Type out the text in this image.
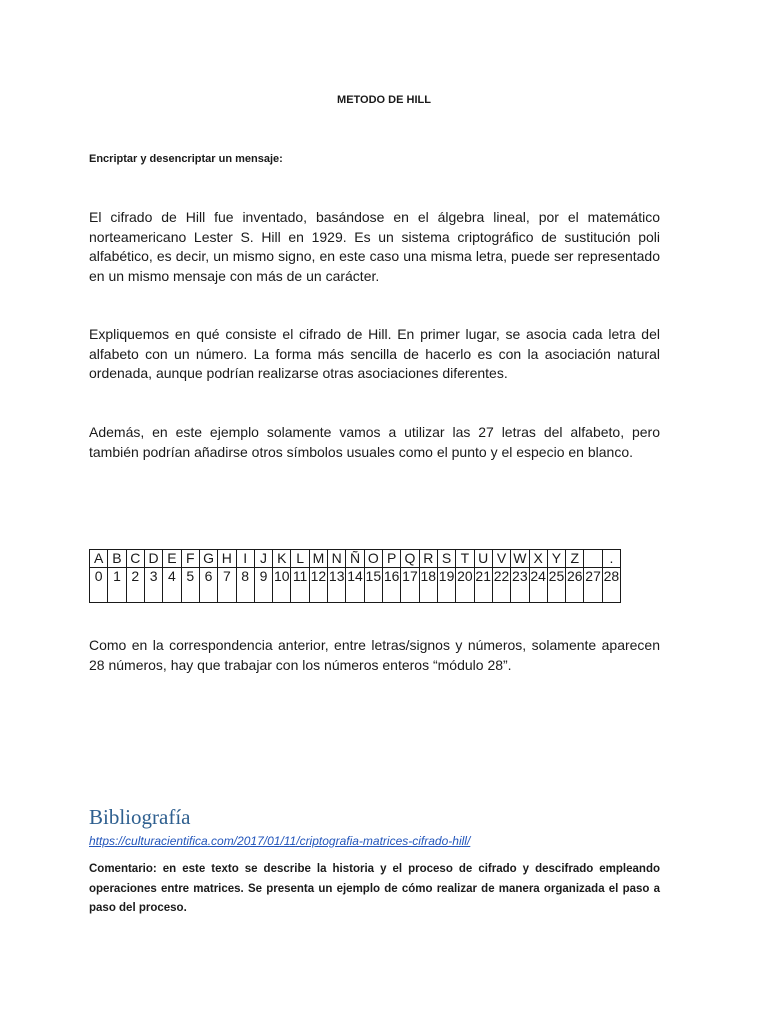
METODO DE HILL
Encriptar y desencriptar un mensaje:
El cifrado de Hill fue inventado, basándose en el álgebra lineal, por el matemático norteamericano Lester S. Hill en 1929. Es un sistema criptográfico de sustitución poli alfabético, es decir, un mismo signo, en este caso una misma letra, puede ser representado en un mismo mensaje con más de un carácter.
Expliquemos en qué consiste el cifrado de Hill. En primer lugar, se asocia cada letra del alfabeto con un número. La forma más sencilla de hacerlo es con la asociación natural ordenada, aunque podrían realizarse otras asociaciones diferentes.
Además, en este ejemplo solamente vamos a utilizar las 27 letras del alfabeto, pero también podrían añadirse otros símbolos usuales como el punto y el especio en blanco.
A	B	C	D	E	F	G	H	I	J	K	L	M	N	Ñ	O	P	Q	R	S	T	U	V	W	X	Y	Z		.
0	1	2	3	4	5	6	7	8	9	10	11	12	13	14	15	16	17	18	19	20	21	22	23	24	25	26	27	28
Como en la correspondencia anterior, entre letras/signos y números, solamente aparecen 28 números, hay que trabajar con los números enteros “módulo 28”.
Bibliografía
https://culturacientifica.com/2017/01/11/criptografia-matrices-cifrado-hill/
Comentario: en este texto se describe la historia y el proceso de cifrado y descifrado empleando operaciones entre matrices. Se presenta un ejemplo de cómo realizar de manera organizada el paso a paso del proceso.
